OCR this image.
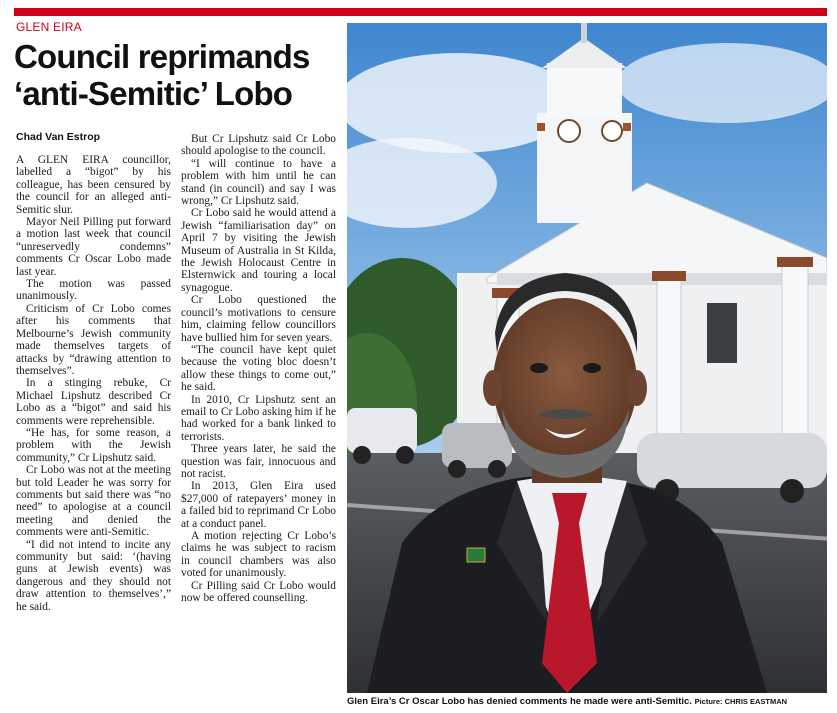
GLEN EIRA
Council reprimands ‘anti-Semitic’ Lobo
Chad Van Estrop

A GLEN EIRA councillor, labelled a “bigot” by his colleague, has been censured by the council for an alleged anti-Semitic slur.

Mayor Neil Pilling put forward a motion last week that council “unreservedly condemns” comments Cr Oscar Lobo made last year.

The motion was passed unanimously.

Criticism of Cr Lobo comes after his comments that Melbourne’s Jewish community made themselves targets of attacks by “drawing attention to themselves”.

In a stinging rebuke, Cr Michael Lipshutz described Cr Lobo as a “bigot” and said his comments were reprehensible.

“He has, for some reason, a problem with the Jewish community,” Cr Lipshutz said.

Cr Lobo was not at the meeting but told Leader he was sorry for comments but said there was “no need” to apologise at a council meeting and denied the comments were anti-Semitic.

“I did not intend to incite any community but said: ‘(having guns at Jewish events) was dangerous and they should not draw attention to themselves’,” he said.

But Cr Lipshutz said Cr Lobo should apologise to the council.

“I will continue to have a problem with him until he can stand (in council) and say I was wrong,” Cr Lipshutz said.

Cr Lobo said he would attend a Jewish “familiarisation day” on April 7 by visiting the Jewish Museum of Australia in St Kilda, the Jewish Holocaust Centre in Elsternwick and touring a local synagogue.

Cr Lobo questioned the council’s motivations to censure him, claiming fellow councillors have bullied him for seven years.

“The council have kept quiet because the voting bloc doesn’t allow these things to come out,” he said.

In 2010, Cr Lipshutz sent an email to Cr Lobo asking him if he had worked for a bank linked to terrorists.

Three years later, he said the question was fair, innocuous and not racist.

In 2013, Glen Eira used $27,000 of ratepayers’ money in a failed bid to reprimand Cr Lobo at a conduct panel.

A motion rejecting Cr Lobo’s claims he was subject to racism in council chambers was also voted for unanimously.

Cr Pilling said Cr Lobo would now be offered counselling.

Glen Eira’s Cr Oscar Lobo has denied comments he made were anti-Semitic. Picture: CHRIS EASTMAN
